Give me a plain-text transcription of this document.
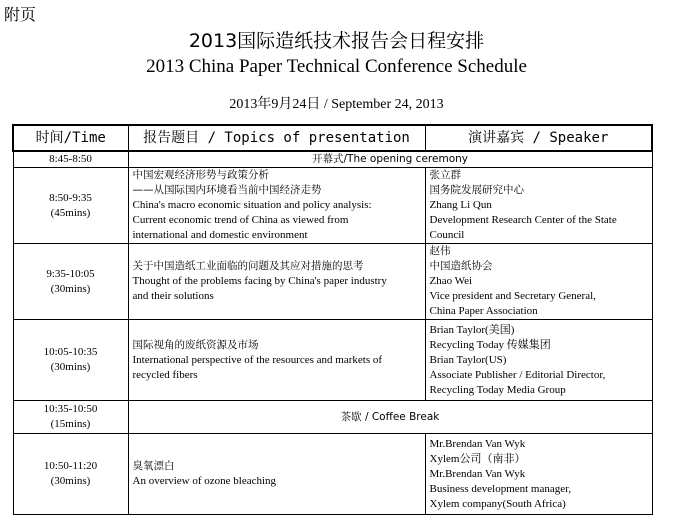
附页
2013国际造纸技术报告会日程安排
2013 China Paper Technical Conference Schedule
2013年9月24日 / September 24, 2013
时间/Time	报告题目 / Topics of presentation	演讲嘉宾 / Speaker
8:45-8:50	开幕式/The opening ceremony	

8:50-9:35
(45mins)	中国宏观经济形势与政策分析
——从国际国内环境看当前中国经济走势
China's macro economic situation and policy analysis:
Current economic trend of China as viewed from
international and domestic environment	张立群
国务院发展研究中心
Zhang Li Qun
Development Research Center of the State
Council

9:35-10:05
(30mins)	关于中国造纸工业面临的问题及其应对措施的思考
Thought of the problems facing by China's paper industry
and their solutions	赵伟
中国造纸协会
Zhao Wei
Vice president and Secretary General,
China Paper Association

10:05-10:35
(30mins)	国际视角的废纸资源及市场
International perspective of the resources and markets of
recycled fibers	Brian Taylor(美国)
Recycling Today 传媒集团
Brian Taylor(US)
Associate Publisher / Editorial Director,
Recycling Today Media Group

10:35-10:50
(15mins)	茶歇 / Coffee Break	

10:50-11:20
(30mins)	臭氧漂白
An overview of ozone bleaching	Mr.Brendan Van Wyk
Xylem公司（南非）
Mr.Brendan Van Wyk
Business development manager,
Xylem company(South Africa)
